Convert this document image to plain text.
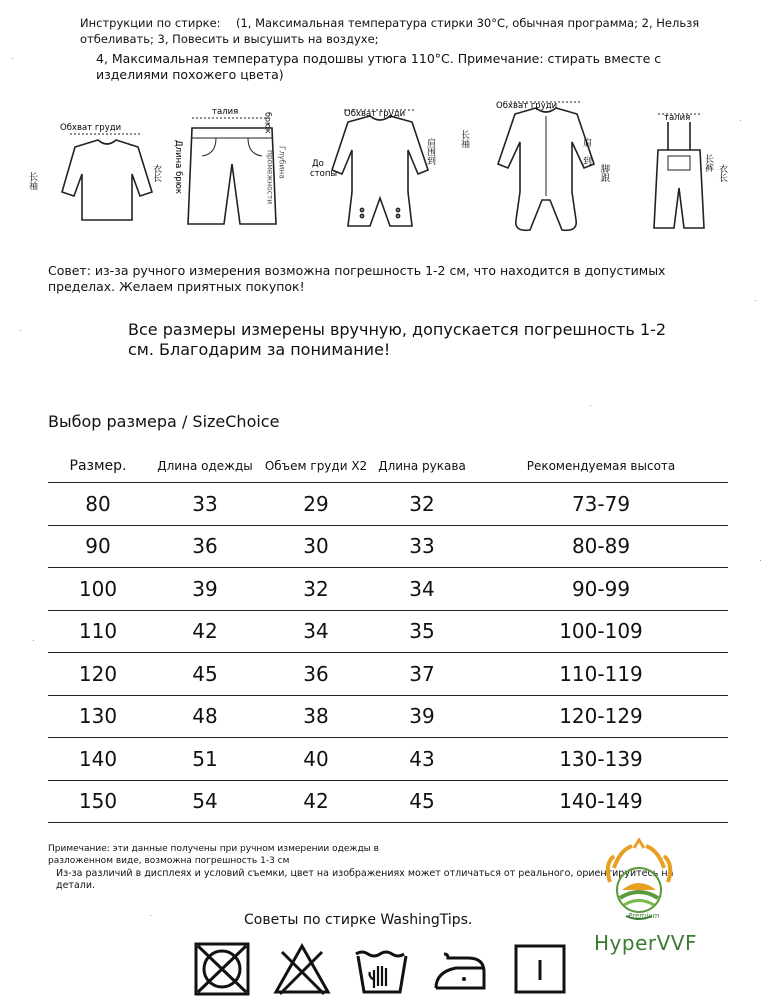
Инструкции по стирке: (1, Максимальная температура стирки 30°C, обычная программа; 2, Нельзя
отбеливать; 3, Повесить и высушить на воздухе;
4, Максимальная температура подошвы утюга 110°C. Примечание: стирать вместе с
изделиями похожего цвета)
Обхват груди
长袖	衣长
талия
Длина брюк
брюк
Глубина
промежности
Обхват груди
До
стопы
肩围到
Обхват груди
长袖	肩
到
脚跟
талия
长裤
衣长
Совет: из-за ручного измерения возможна погрешность 1-2 см, что находится в допустимых
пределах. Желаем приятных покупок!
Все размеры измерены вручную, допускается погрешность 1-2
см. Благодарим за понимание!
Выбор размера / SizeChoice
Размер.	Длина одежды	Объем груди X2	Длина рукава	Рекомендуемая высота
80	33	29	32	73-79
90	36	30	33	80-89
100	39	32	34	90-99
110	42	34	35	100-109
120	45	36	37	110-119
130	48	38	39	120-129
140	51	40	43	130-139
150	54	42	45	140-149
Примечание: эти данные получены при ручном измерении одежды в
разложенном виде, возможна погрешность 1-3 см
Из-за различий в дисплеях и условий съемки, цвет на изображениях может отличаться от реального, ориентируйтесь на
детали.
Premium
HyperVVF
Советы по стирке WashingTips.
